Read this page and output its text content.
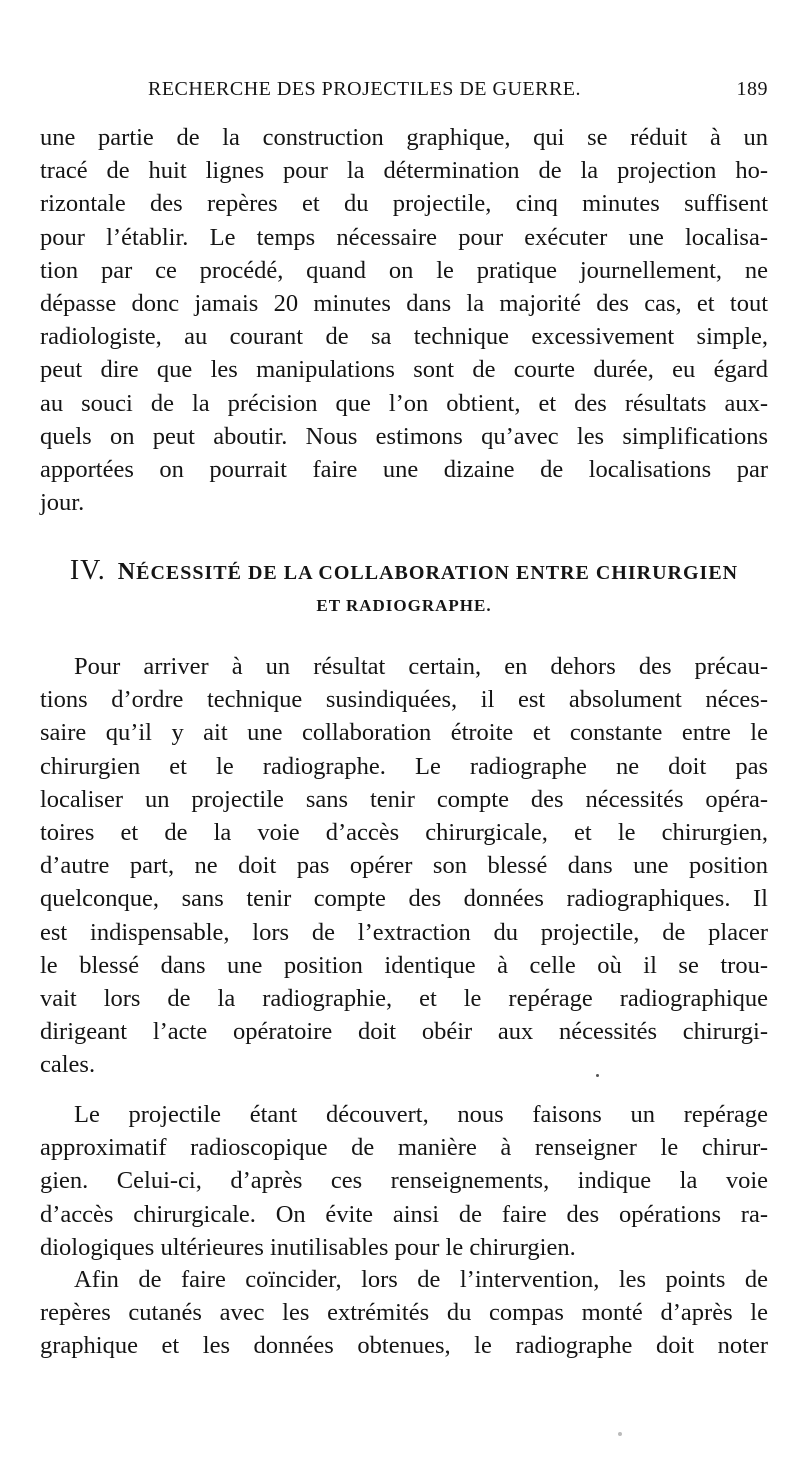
RECHERCHE DES PROJECTILES DE GUERRE.	189
une partie de la construction graphique, qui se réduit à un
tracé de huit lignes pour la détermination de la projection ho-
rizontale des repères et du projectile, cinq minutes suffisent
pour l’établir. Le temps nécessaire pour exécuter une localisa-
tion par ce procédé, quand on le pratique journellement, ne
dépasse donc jamais 20 minutes dans la majorité des cas, et tout
radiologiste, au courant de sa technique excessivement simple,
peut dire que les manipulations sont de courte durée, eu égard
au souci de la précision que l’on obtient, et des résultats aux-
quels on peut aboutir. Nous estimons qu’avec les simplifications
apportées on pourrait faire une dizaine de localisations par
jour.
IV. NÉCESSITÉ DE LA COLLABORATION ENTRE CHIRURGIEN
ET RADIOGRAPHE.
Pour arriver à un résultat certain, en dehors des précau-
tions d’ordre technique susindiquées, il est absolument néces-
saire qu’il y ait une collaboration étroite et constante entre le
chirurgien et le radiographe. Le radiographe ne doit pas
localiser un projectile sans tenir compte des nécessités opéra-
toires et de la voie d’accès chirurgicale, et le chirurgien,
d’autre part, ne doit pas opérer son blessé dans une position
quelconque, sans tenir compte des données radiographiques. Il
est indispensable, lors de l’extraction du projectile, de placer
le blessé dans une position identique à celle où il se trou-
vait lors de la radiographie, et le repérage radiographique
dirigeant l’acte opératoire doit obéir aux nécessités chirurgi-
cales.
Le projectile étant découvert, nous faisons un repérage
approximatif radioscopique de manière à renseigner le chirur-
gien. Celui-ci, d’après ces renseignements, indique la voie
d’accès chirurgicale. On évite ainsi de faire des opérations ra-
diologiques ultérieures inutilisables pour le chirurgien.
Afin de faire coïncider, lors de l’intervention, les points de
repères cutanés avec les extrémités du compas monté d’après le
graphique et les données obtenues, le radiographe doit noter
